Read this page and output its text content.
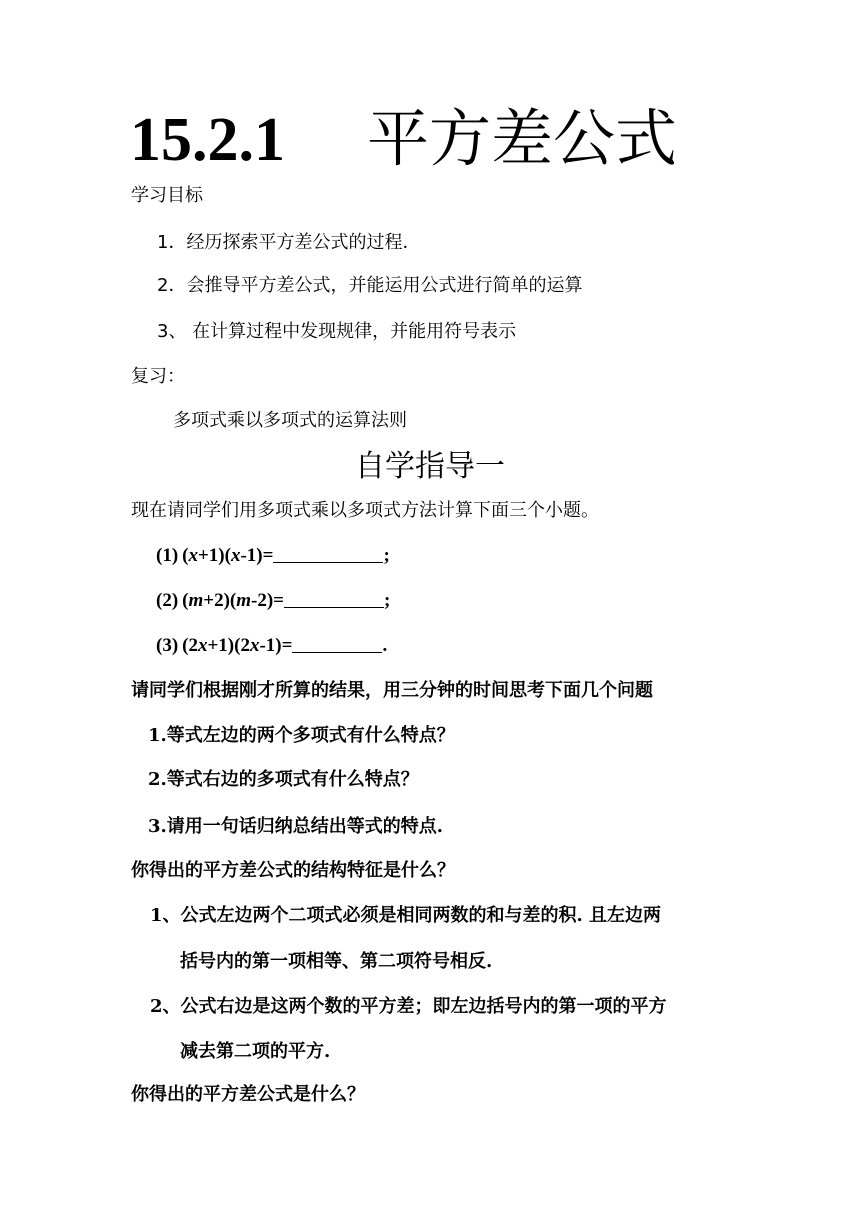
15.2.1 平方差公式
学习目标
1．经历探索平方差公式的过程．
2．会推导平方差公式，并能运用公式进行简单的运算
3、 在计算过程中发现规律，并能用符号表示
复习：
多项式乘以多项式的运算法则
自学指导一
现在请同学们用多项式乘以多项式方法计算下面三个小题。
(1) (x+1)(x-1)=	;
(2) (m+2)(m-2)=	;
(3) (2x+1)(2x-1)=	.
请同学们根据刚才所算的结果，用三分钟的时间思考下面几个问题
1.等式左边的两个多项式有什么特点？
2.等式右边的多项式有什么特点？
3.请用一句话归纳总结出等式的特点.
你得出的平方差公式的结构特征是什么？
1、公式左边两个二项式必须是相同两数的和与差的积. 且左边两
括号内的第一项相等、第二项符号相反.
2、公式右边是这两个数的平方差；即左边括号内的第一项的平方
减去第二项的平方.
你得出的平方差公式是什么？
